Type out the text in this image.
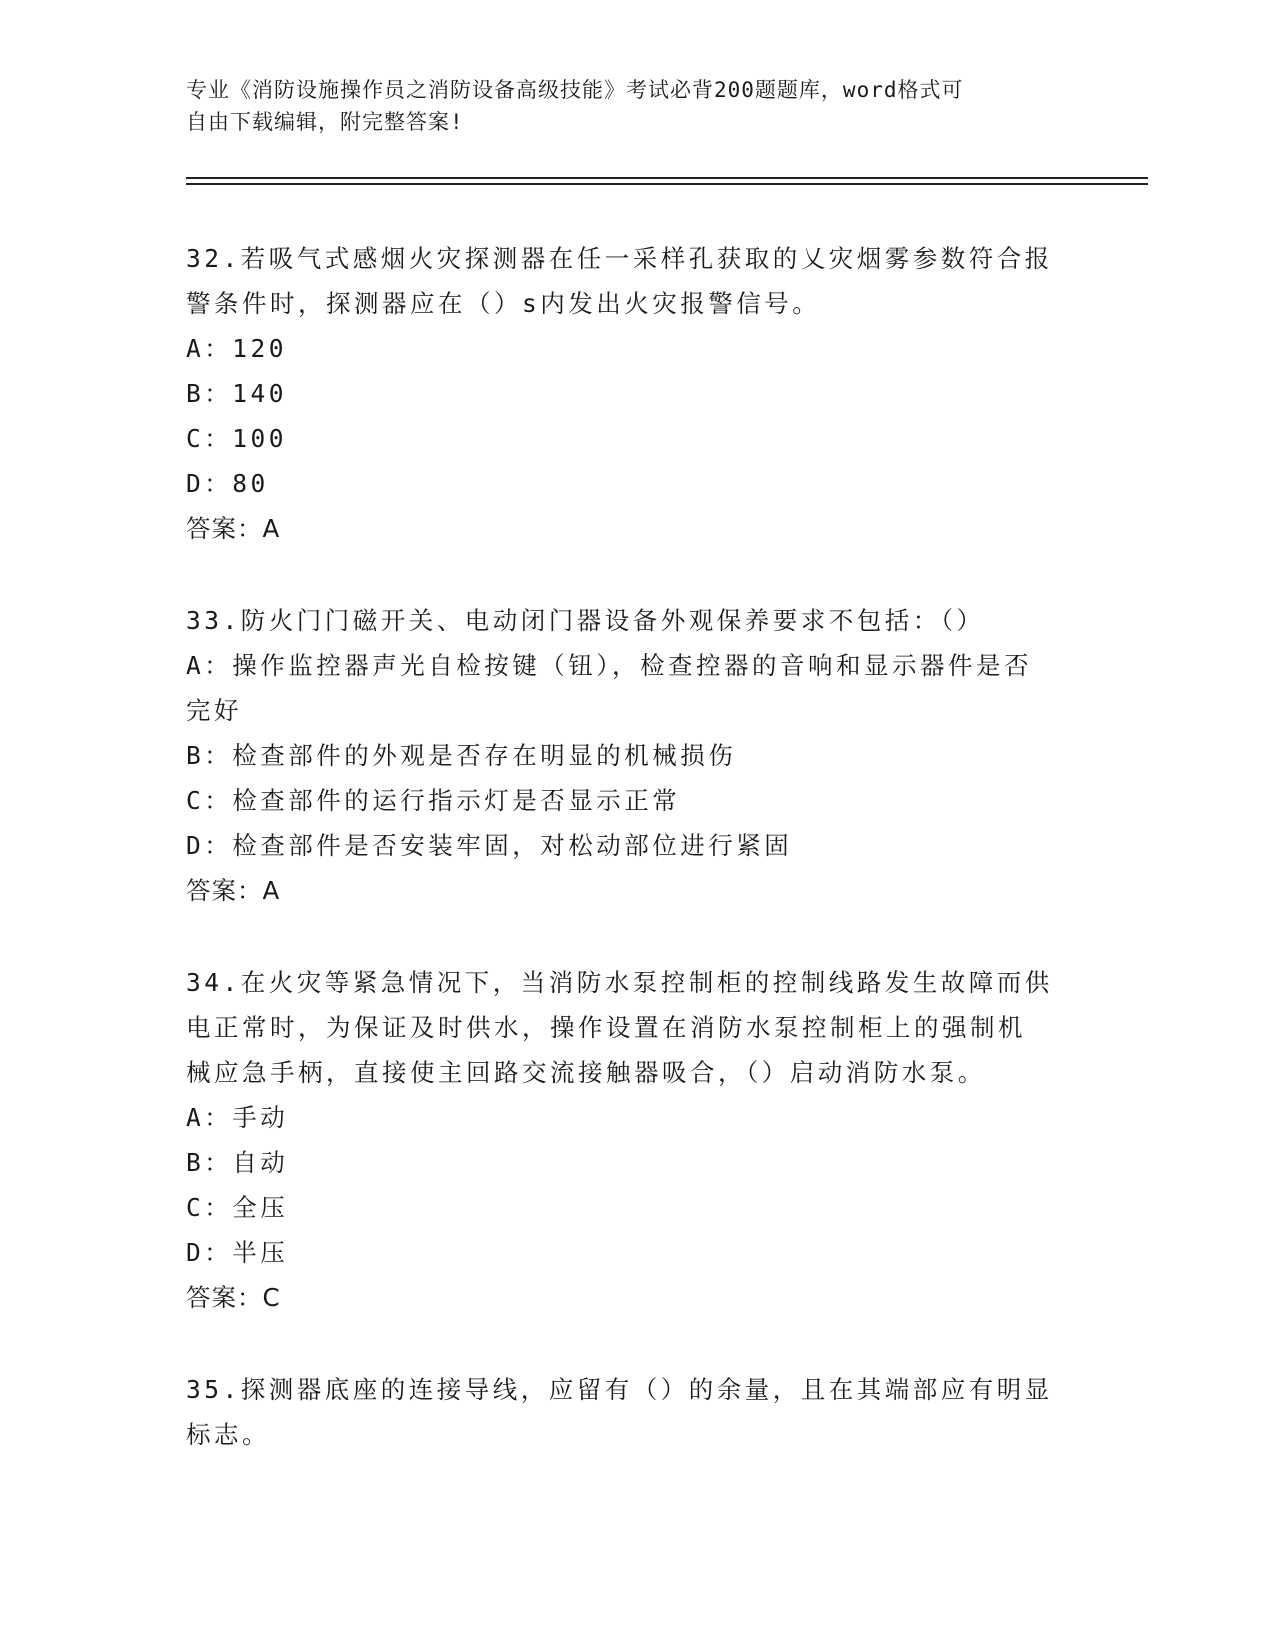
专业《消防设施操作员之消防设备高级技能》考试必背200题题库，word格式可
自由下载编辑，附完整答案!

32.若吸气式感烟火灾探测器在任一采样孔获取的乂灾烟雾参数符合报

警条件时，探测器应在（）s内发出火灾报警信号。

A：120

B：140

C：100

D：80

答案：A

33.防火门门磁开关、电动闭门器设备外观保养要求不包括：（）

A：操作监控器声光自检按键（钮），检查控器的音响和显示器件是否

完好

B：检查部件的外观是否存在明显的机械损伤

C：检查部件的运行指示灯是否显示正常

D：检查部件是否安装牢固，对松动部位进行紧固

答案：A

34.在火灾等紧急情况下，当消防水泵控制柜的控制线路发生故障而供

电正常时，为保证及时供水，操作设置在消防水泵控制柜上的强制机

械应急手柄，直接使主回路交流接触器吸合，（）启动消防水泵。

A：手动

B：自动

C：全压

D：半压

答案：C

35.探测器底座的连接导线，应留有（）的余量，且在其端部应有明显

标志。
